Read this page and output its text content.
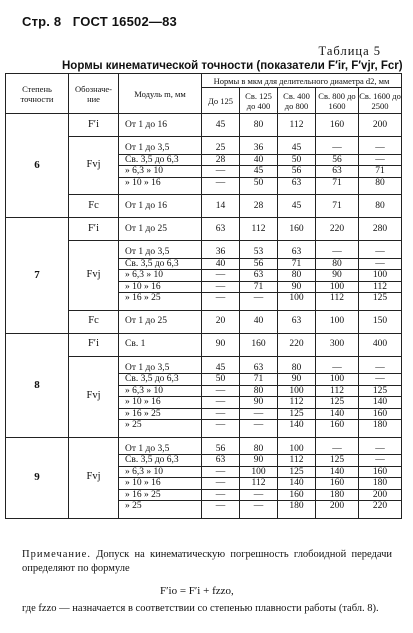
Стр. 8 ГОСТ 16502—83
Таблица 5
Нормы кинематической точности (показатели F′ir, F′vjr, Fcr)
Степень точности	Обозначе- ние	Модуль m, мм	Нормы в мкм для делительного диаметра d2, мм				
			До 125	Св. 125 до 400	Св. 400 до 800	Св. 800 до 1600	Св. 1600 до 2500
6	F′i	От 1 до 16	45	80	112	160	200
	Fvj	От 1 до 3,5	25	36	45	—	—
		Св. 3,5 до 6,3	28	40	50	56	—
		» 6,3 » 10	—	45	56	63	71
		» 10 » 16	—	50	63	71	80
	Fc	От 1 до 16	14	28	45	71	80
7	F′i	От 1 до 25	63	112	160	220	280
	Fvj	От 1 до 3,5	36	53	63	—	—
		Св. 3,5 до 6,3	40	56	71	80	—
		» 6,3 » 10	—	63	80	90	100
		» 10 » 16	—	71	90	100	112
		» 16 » 25	—	—	100	112	125
	Fc	От 1 до 25	20	40	63	100	150
8	F′i	Св. 1	90	160	220	300	400
	Fvj	От 1 до 3,5	45	63	80	—	—
		Св. 3,5 до 6,3	50	71	90	100	—
		» 6,3 » 10	—	80	100	112	125
		» 10 » 16	—	90	112	125	140
		» 16 » 25	—	—	125	140	160
		» 25	—	—	140	160	180
9	Fvj	От 1 до 3,5	56	80	100	—	—
		Св. 3,5 до 6,3	63	90	112	125	—
		» 6,3 » 10	—	100	125	140	160
		» 10 » 16	—	112	140	160	180
		» 16 » 25	—	—	160	180	200
		» 25	—	—	180	200	220
Примечание. Допуск на кинематическую погрешность глобоидной передачи определяют по формуле
F′io = F′i + fzzo,
где fzzo — назначается в соответствии со степенью плавности работы (табл. 8).
